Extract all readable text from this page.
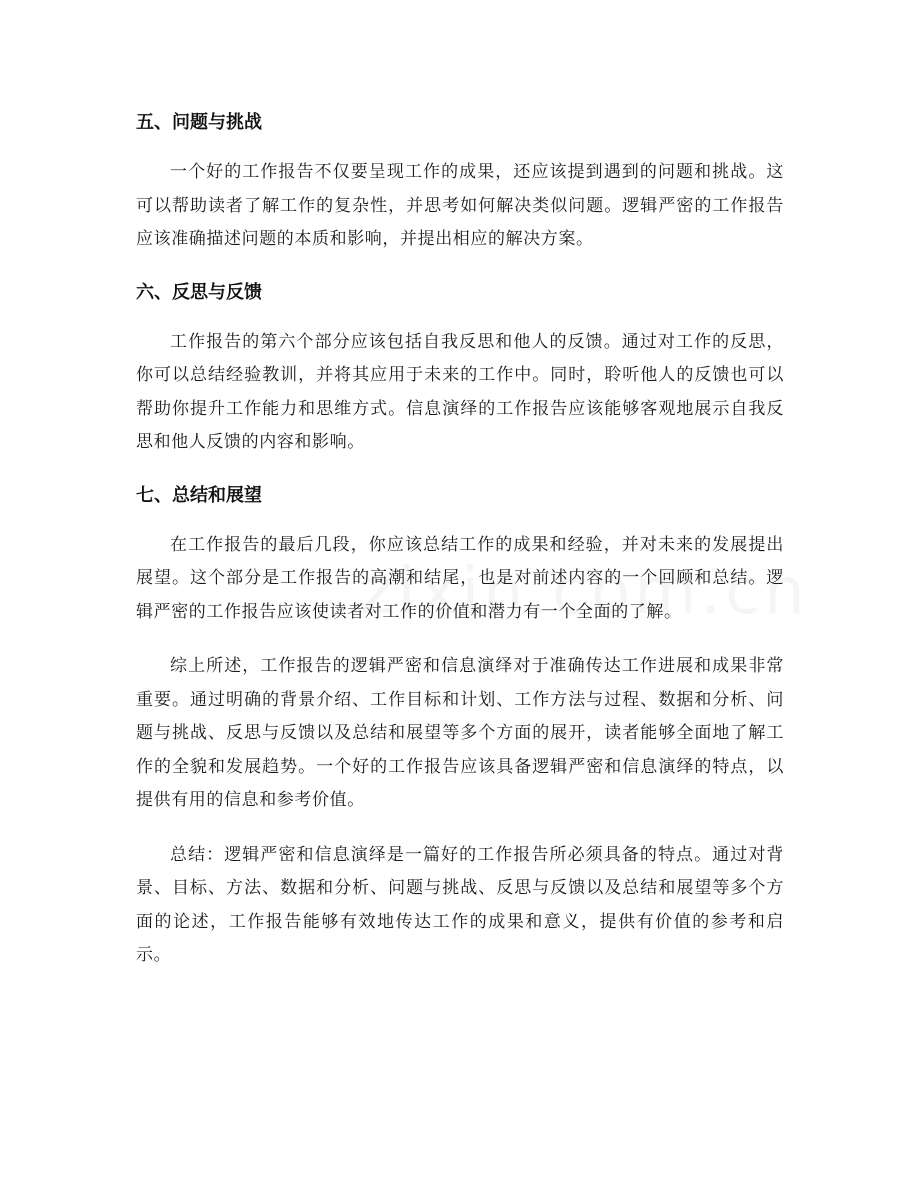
五、问题与挑战

一个好的工作报告不仅要呈现工作的成果，还应该提到遇到的问题和挑战。这可以帮助读者了解工作的复杂性，并思考如何解决类似问题。逻辑严密的工作报告应该准确描述问题的本质和影响，并提出相应的解决方案。

六、反思与反馈

工作报告的第六个部分应该包括自我反思和他人的反馈。通过对工作的反思，你可以总结经验教训，并将其应用于未来的工作中。同时，聆听他人的反馈也可以帮助你提升工作能力和思维方式。信息演绎的工作报告应该能够客观地展示自我反思和他人反馈的内容和影响。

七、总结和展望

在工作报告的最后几段，你应该总结工作的成果和经验，并对未来的发展提出展望。这个部分是工作报告的高潮和结尾，也是对前述内容的一个回顾和总结。逻辑严密的工作报告应该使读者对工作的价值和潜力有一个全面的了解。

综上所述，工作报告的逻辑严密和信息演绎对于准确传达工作进展和成果非常重要。通过明确的背景介绍、工作目标和计划、工作方法与过程、数据和分析、问题与挑战、反思与反馈以及总结和展望等多个方面的展开，读者能够全面地了解工作的全貌和发展趋势。一个好的工作报告应该具备逻辑严密和信息演绎的特点，以提供有用的信息和参考价值。

总结：逻辑严密和信息演绎是一篇好的工作报告所必须具备的特点。通过对背景、目标、方法、数据和分析、问题与挑战、反思与反馈以及总结和展望等多个方面的论述，工作报告能够有效地传达工作的成果和意义，提供有价值的参考和启示。
